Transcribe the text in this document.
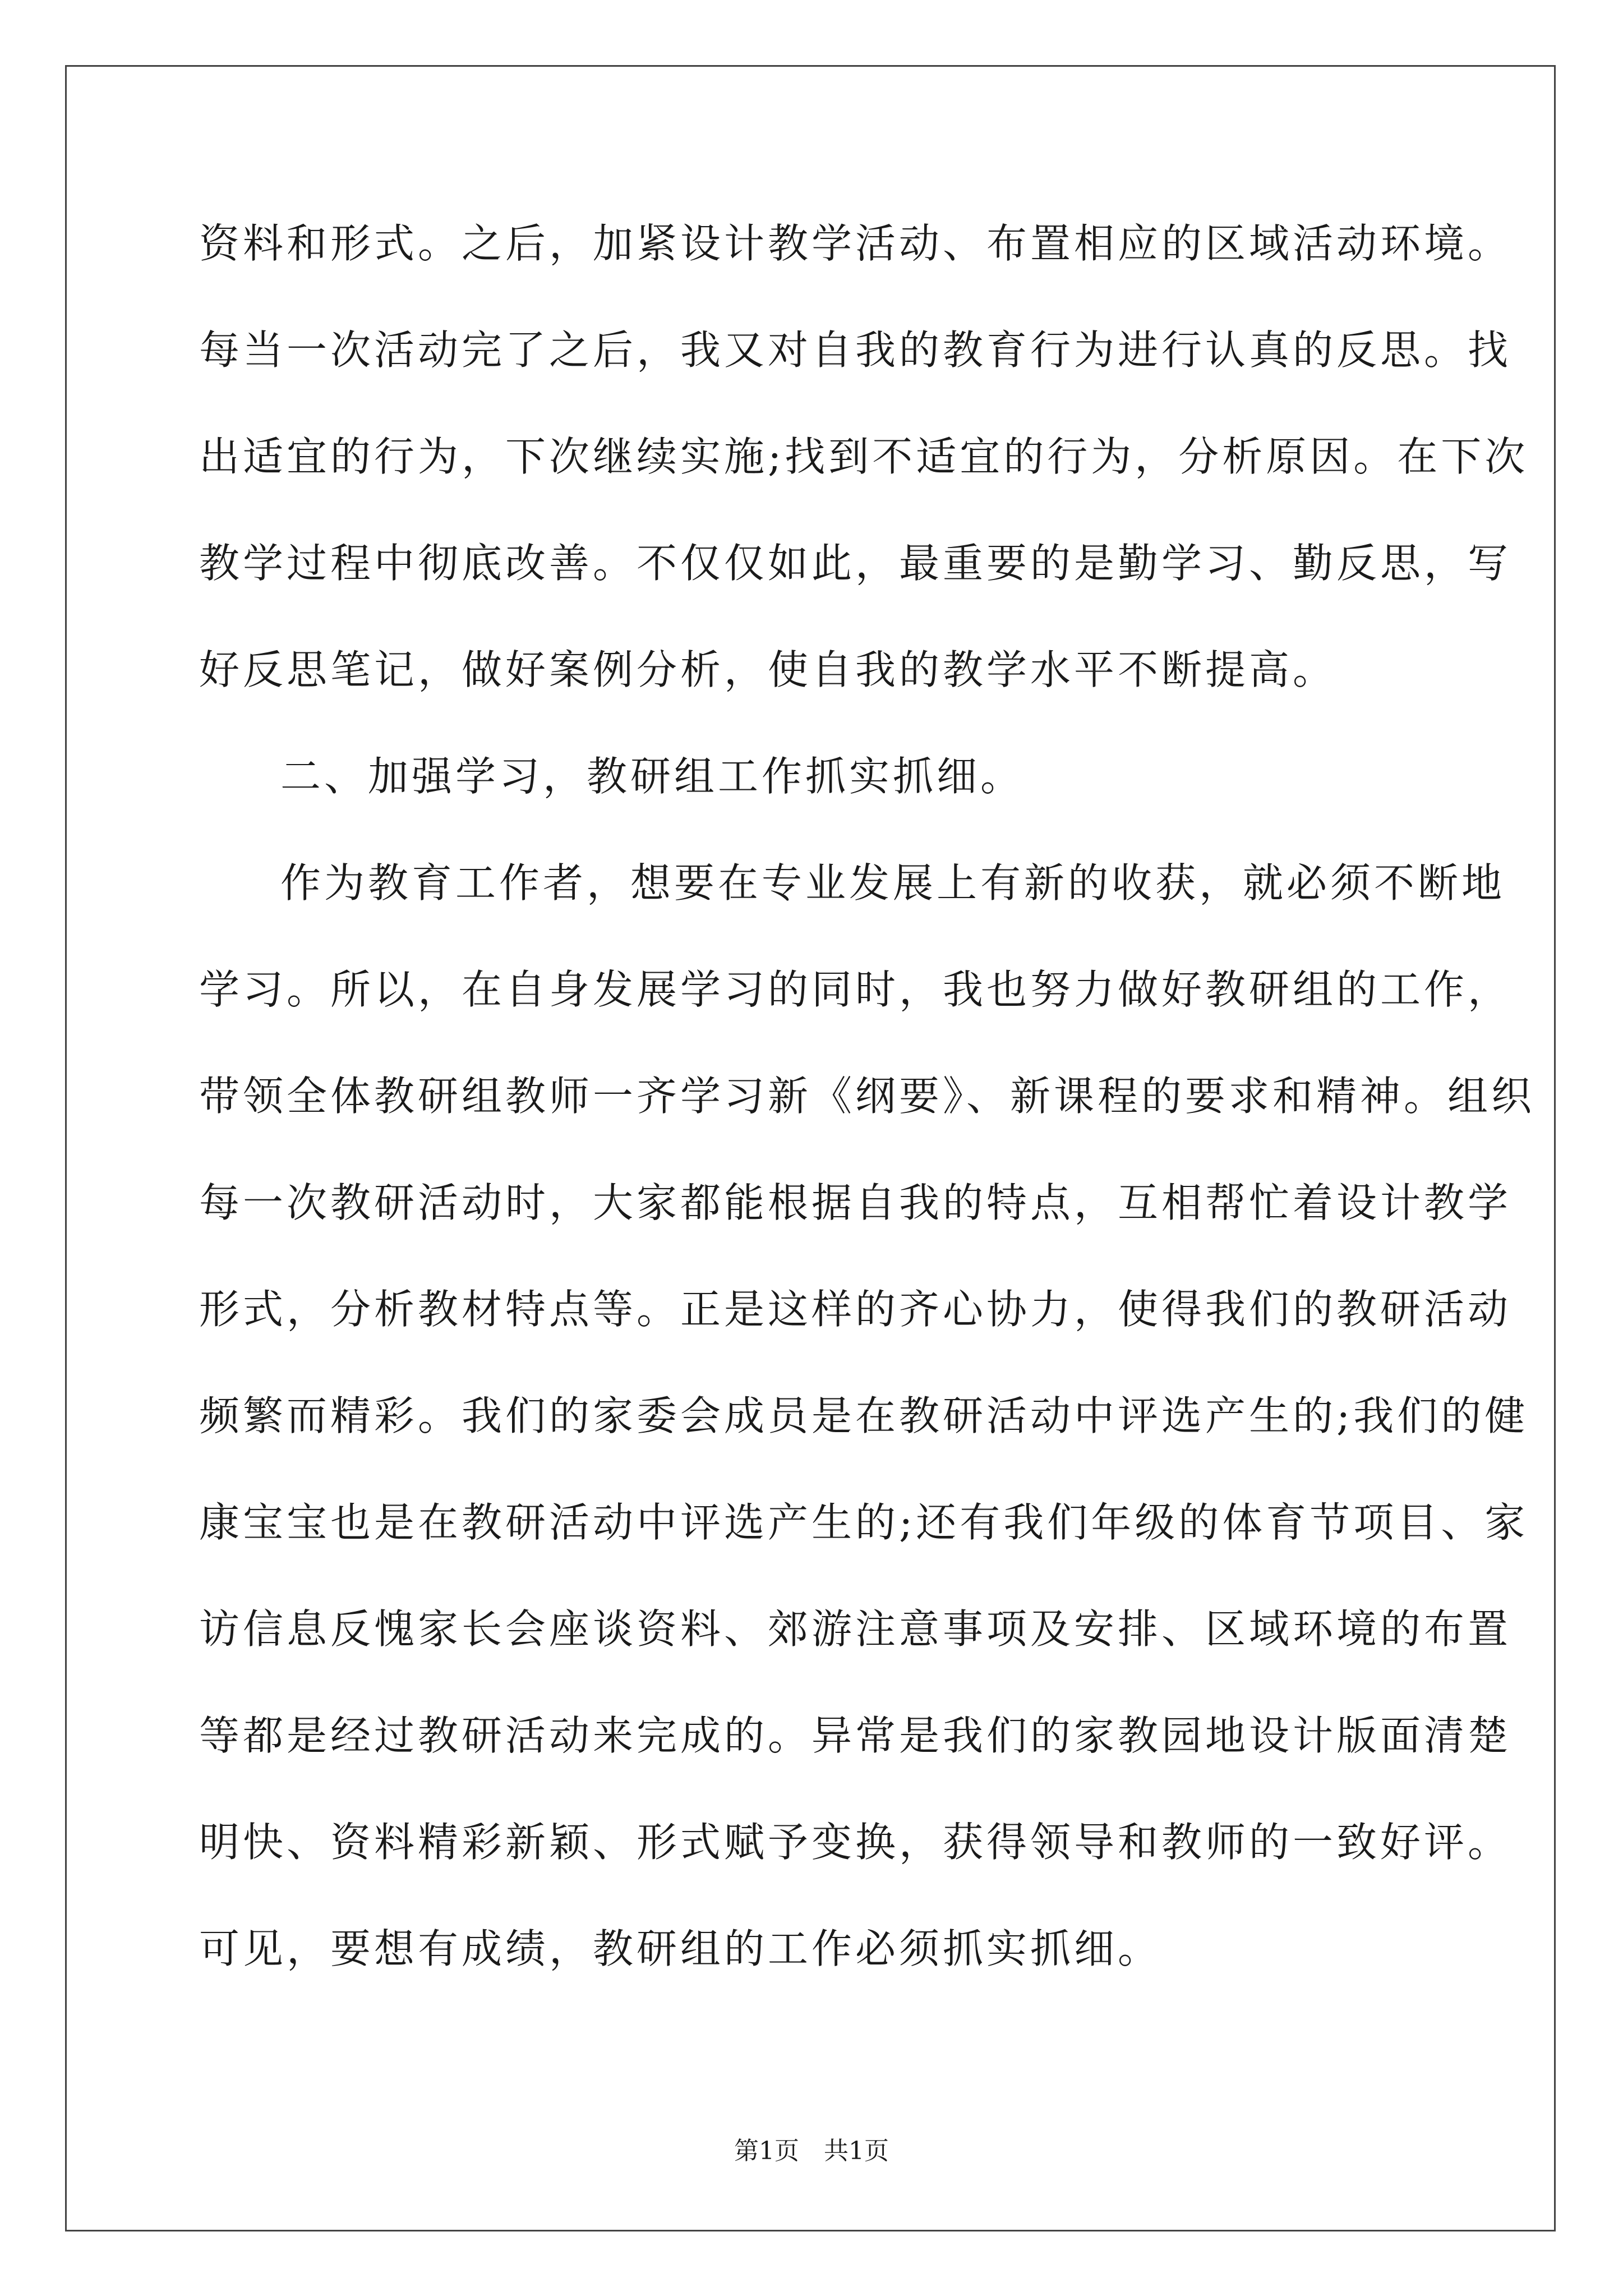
资料和形式。之后，加紧设计教学活动、布置相应的区域活动环境。
每当一次活动完了之后，我又对自我的教育行为进行认真的反思。找
出适宜的行为，下次继续实施;找到不适宜的行为，分析原因。在下次
教学过程中彻底改善。不仅仅如此，最重要的是勤学习、勤反思，写
好反思笔记，做好案例分析，使自我的教学水平不断提高。
二、加强学习，教研组工作抓实抓细。
作为教育工作者，想要在专业发展上有新的收获，就必须不断地
学习。所以，在自身发展学习的同时，我也努力做好教研组的工作，
带领全体教研组教师一齐学习新《纲要》、新课程的要求和精神。组织
每一次教研活动时，大家都能根据自我的特点，互相帮忙着设计教学
形式，分析教材特点等。正是这样的齐心协力，使得我们的教研活动
频繁而精彩。我们的家委会成员是在教研活动中评选产生的;我们的健
康宝宝也是在教研活动中评选产生的;还有我们年级的体育节项目、家
访信息反愧家长会座谈资料、郊游注意事项及安排、区域环境的布置
等都是经过教研活动来完成的。异常是我们的家教园地设计版面清楚
明快、资料精彩新颖、形式赋予变换，获得领导和教师的一致好评。
可见，要想有成绩，教研组的工作必须抓实抓细。
第1页　共1页
